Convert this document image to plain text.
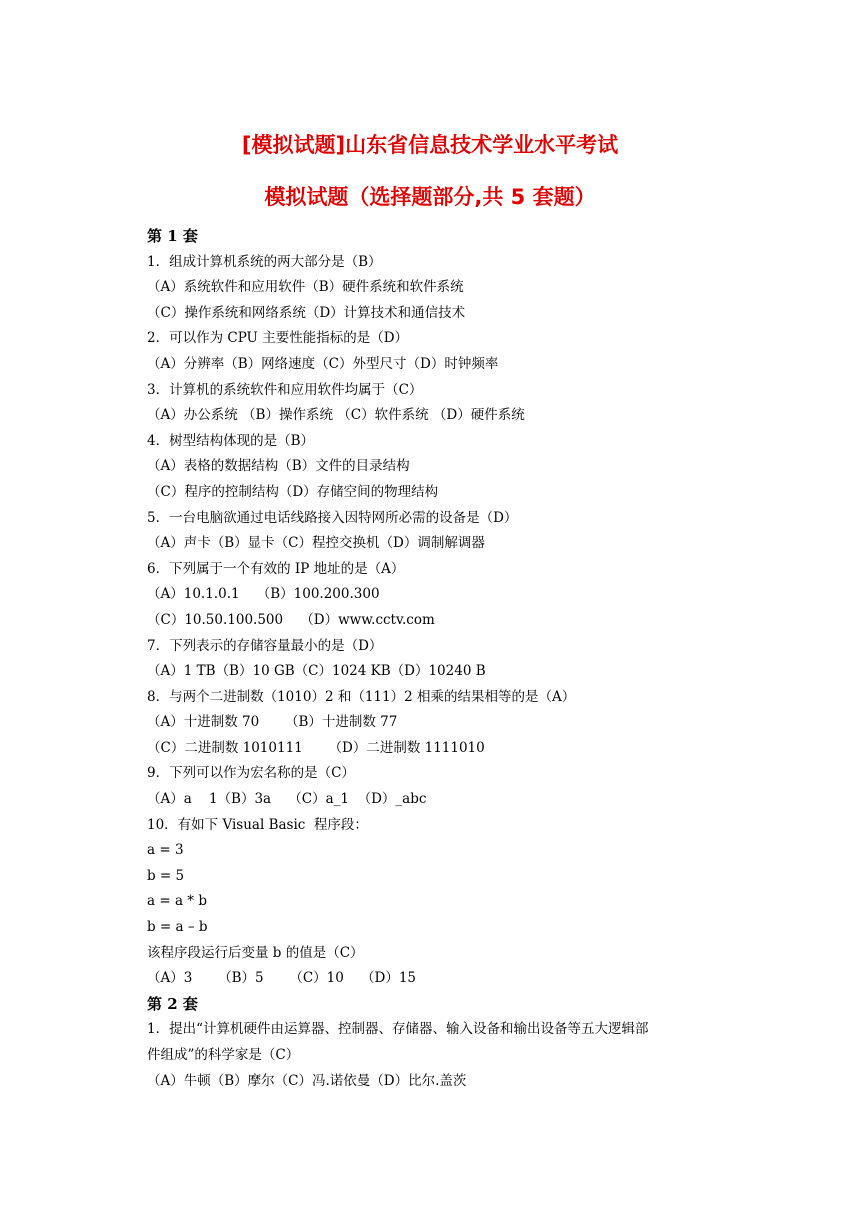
[模拟试题]山东省信息技术学业水平考试
模拟试题（选择题部分,共 5 套题）
第 1 套
1．组成计算机系统的两大部分是（B）
（A）系统软件和应用软件（B）硬件系统和软件系统
（C）操作系统和网络系统（D）计算技术和通信技术
2．可以作为 CPU 主要性能指标的是（D）
（A）分辨率（B）网络速度（C）外型尺寸（D）时钟频率
3．计算机的系统软件和应用软件均属于（C）
（A）办公系统 （B）操作系统 （C）软件系统 （D）硬件系统
4．树型结构体现的是（B）
（A）表格的数据结构（B）文件的目录结构
（C）程序的控制结构（D）存储空间的物理结构
5．一台电脑欲通过电话线路接入因特网所必需的设备是（D）
（A）声卡（B）显卡（C）程控交换机（D）调制解调器
6．下列属于一个有效的 IP 地址的是（A）
（A）10.1.0.1    （B）100.200.300
（C）10.50.100.500    （D）www.cctv.com
7．下列表示的存储容量最小的是（D）
（A）1 TB（B）10 GB（C）1024 KB（D）10240 B
8．与两个二进制数（1010）2 和（111）2 相乘的结果相等的是（A）
（A）十进制数 70      （B）十进制数 77
（C）二进制数 1010111      （D）二进制数 1111010
9．下列可以作为宏名称的是（C）
（A）a    1（B）3a    （C）a_1  （D）_abc
10．有如下 Visual Basic  程序段：
a = 3
b = 5
a = a * b
b = a – b
该程序段运行后变量 b 的值是（C）
（A）3      （B）5      （C）10    （D）15
第 2 套
1．提出“计算机硬件由运算器、控制器、存储器、输入设备和输出设备等五大逻辑部
件组成”的科学家是（C）
（A）牛顿（B）摩尔（C）冯.诺依曼（D）比尔.盖茨
